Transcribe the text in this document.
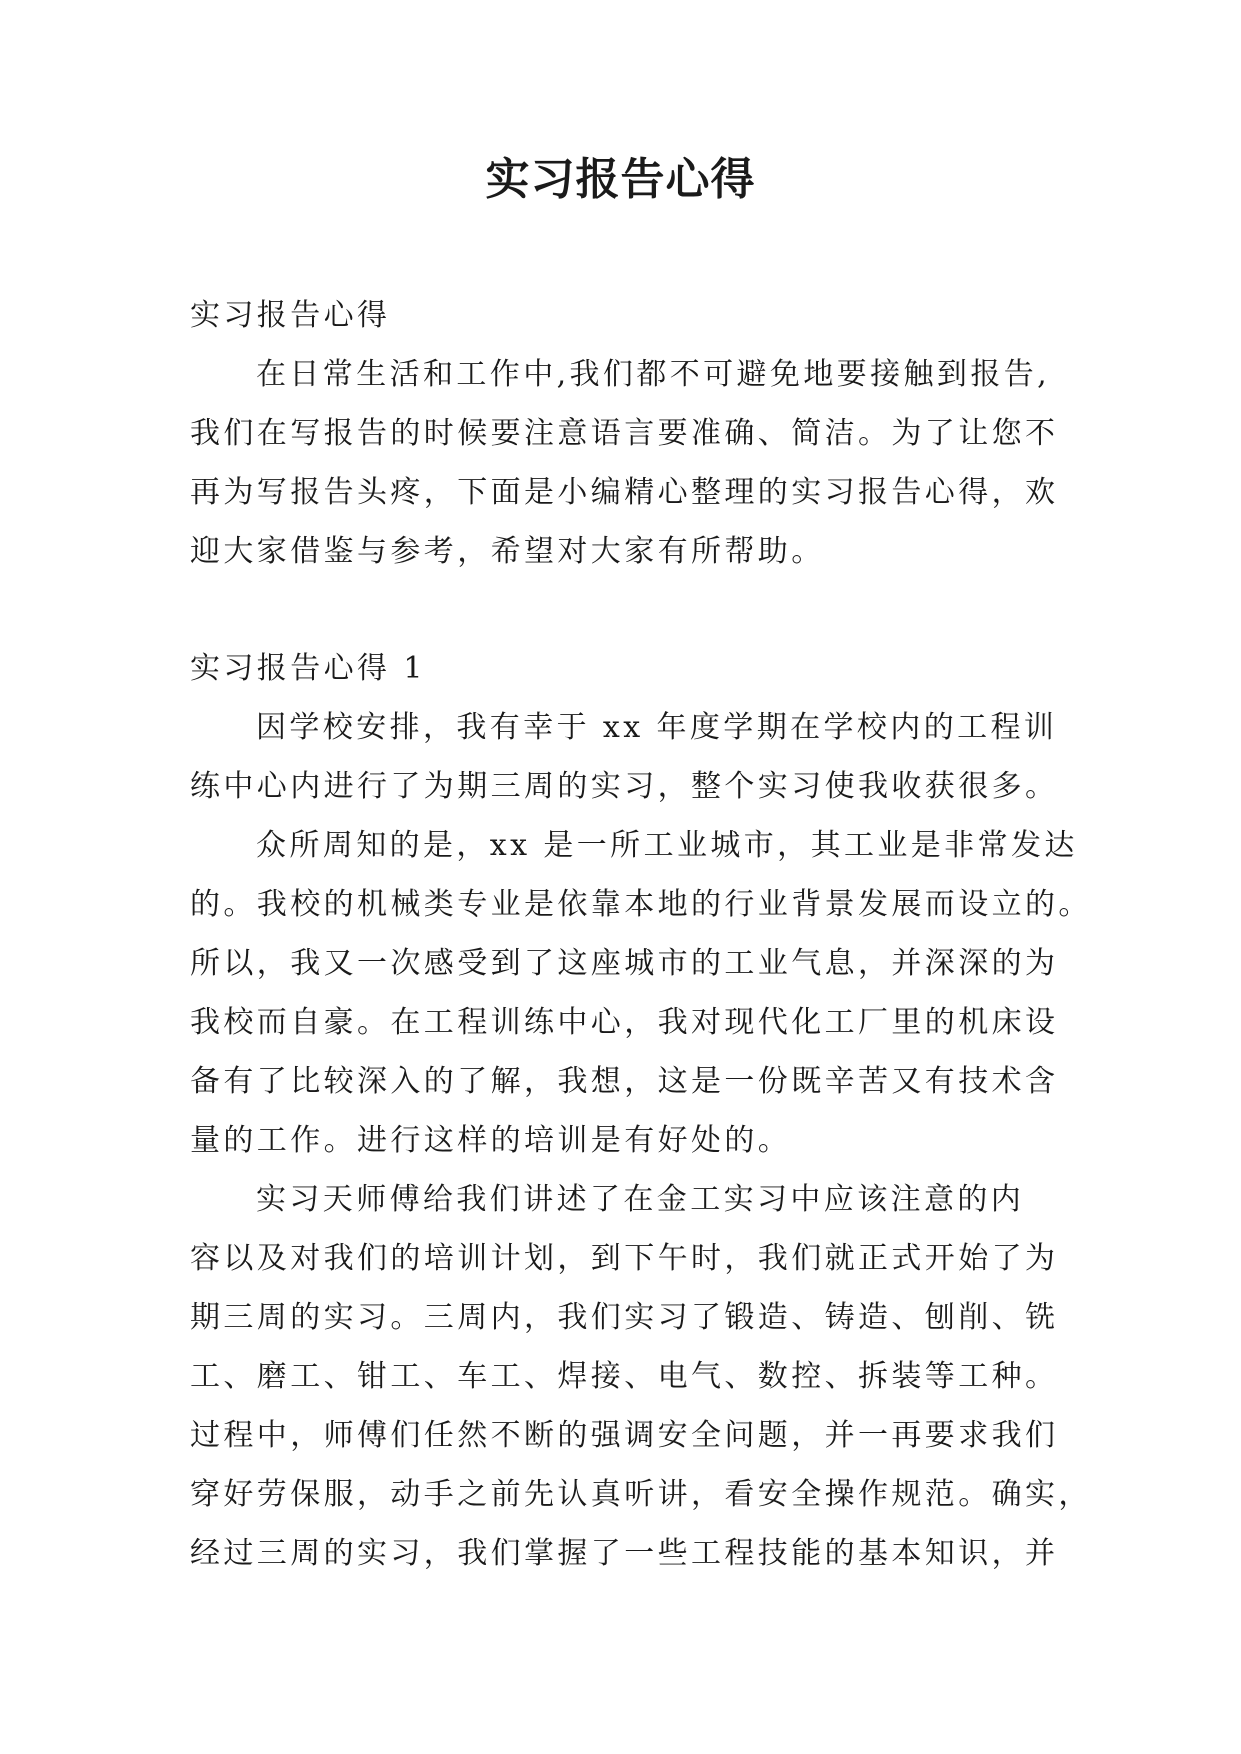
实习报告心得
实习报告心得
在日常生活和工作中,我们都不可避免地要接触到报告,
我们在写报告的时候要注意语言要准确、简洁。为了让您不
再为写报告头疼，下面是小编精心整理的实习报告心得，欢
迎大家借鉴与参考，希望对大家有所帮助。
实习报告心得 1
因学校安排，我有幸于 xx 年度学期在学校内的工程训
练中心内进行了为期三周的实习，整个实习使我收获很多。
众所周知的是，xx 是一所工业城市，其工业是非常发达
的。我校的机械类专业是依靠本地的行业背景发展而设立的。
所以，我又一次感受到了这座城市的工业气息，并深深的为
我校而自豪。在工程训练中心，我对现代化工厂里的机床设
备有了比较深入的了解，我想，这是一份既辛苦又有技术含
量的工作。进行这样的培训是有好处的。
实习天师傅给我们讲述了在金工实习中应该注意的内
容以及对我们的培训计划，到下午时，我们就正式开始了为
期三周的实习。三周内，我们实习了锻造、铸造、刨削、铣
工、磨工、钳工、车工、焊接、电气、数控、拆装等工种。
过程中，师傅们任然不断的强调安全问题，并一再要求我们
穿好劳保服，动手之前先认真听讲，看安全操作规范。确实，
经过三周的实习，我们掌握了一些工程技能的基本知识，并
